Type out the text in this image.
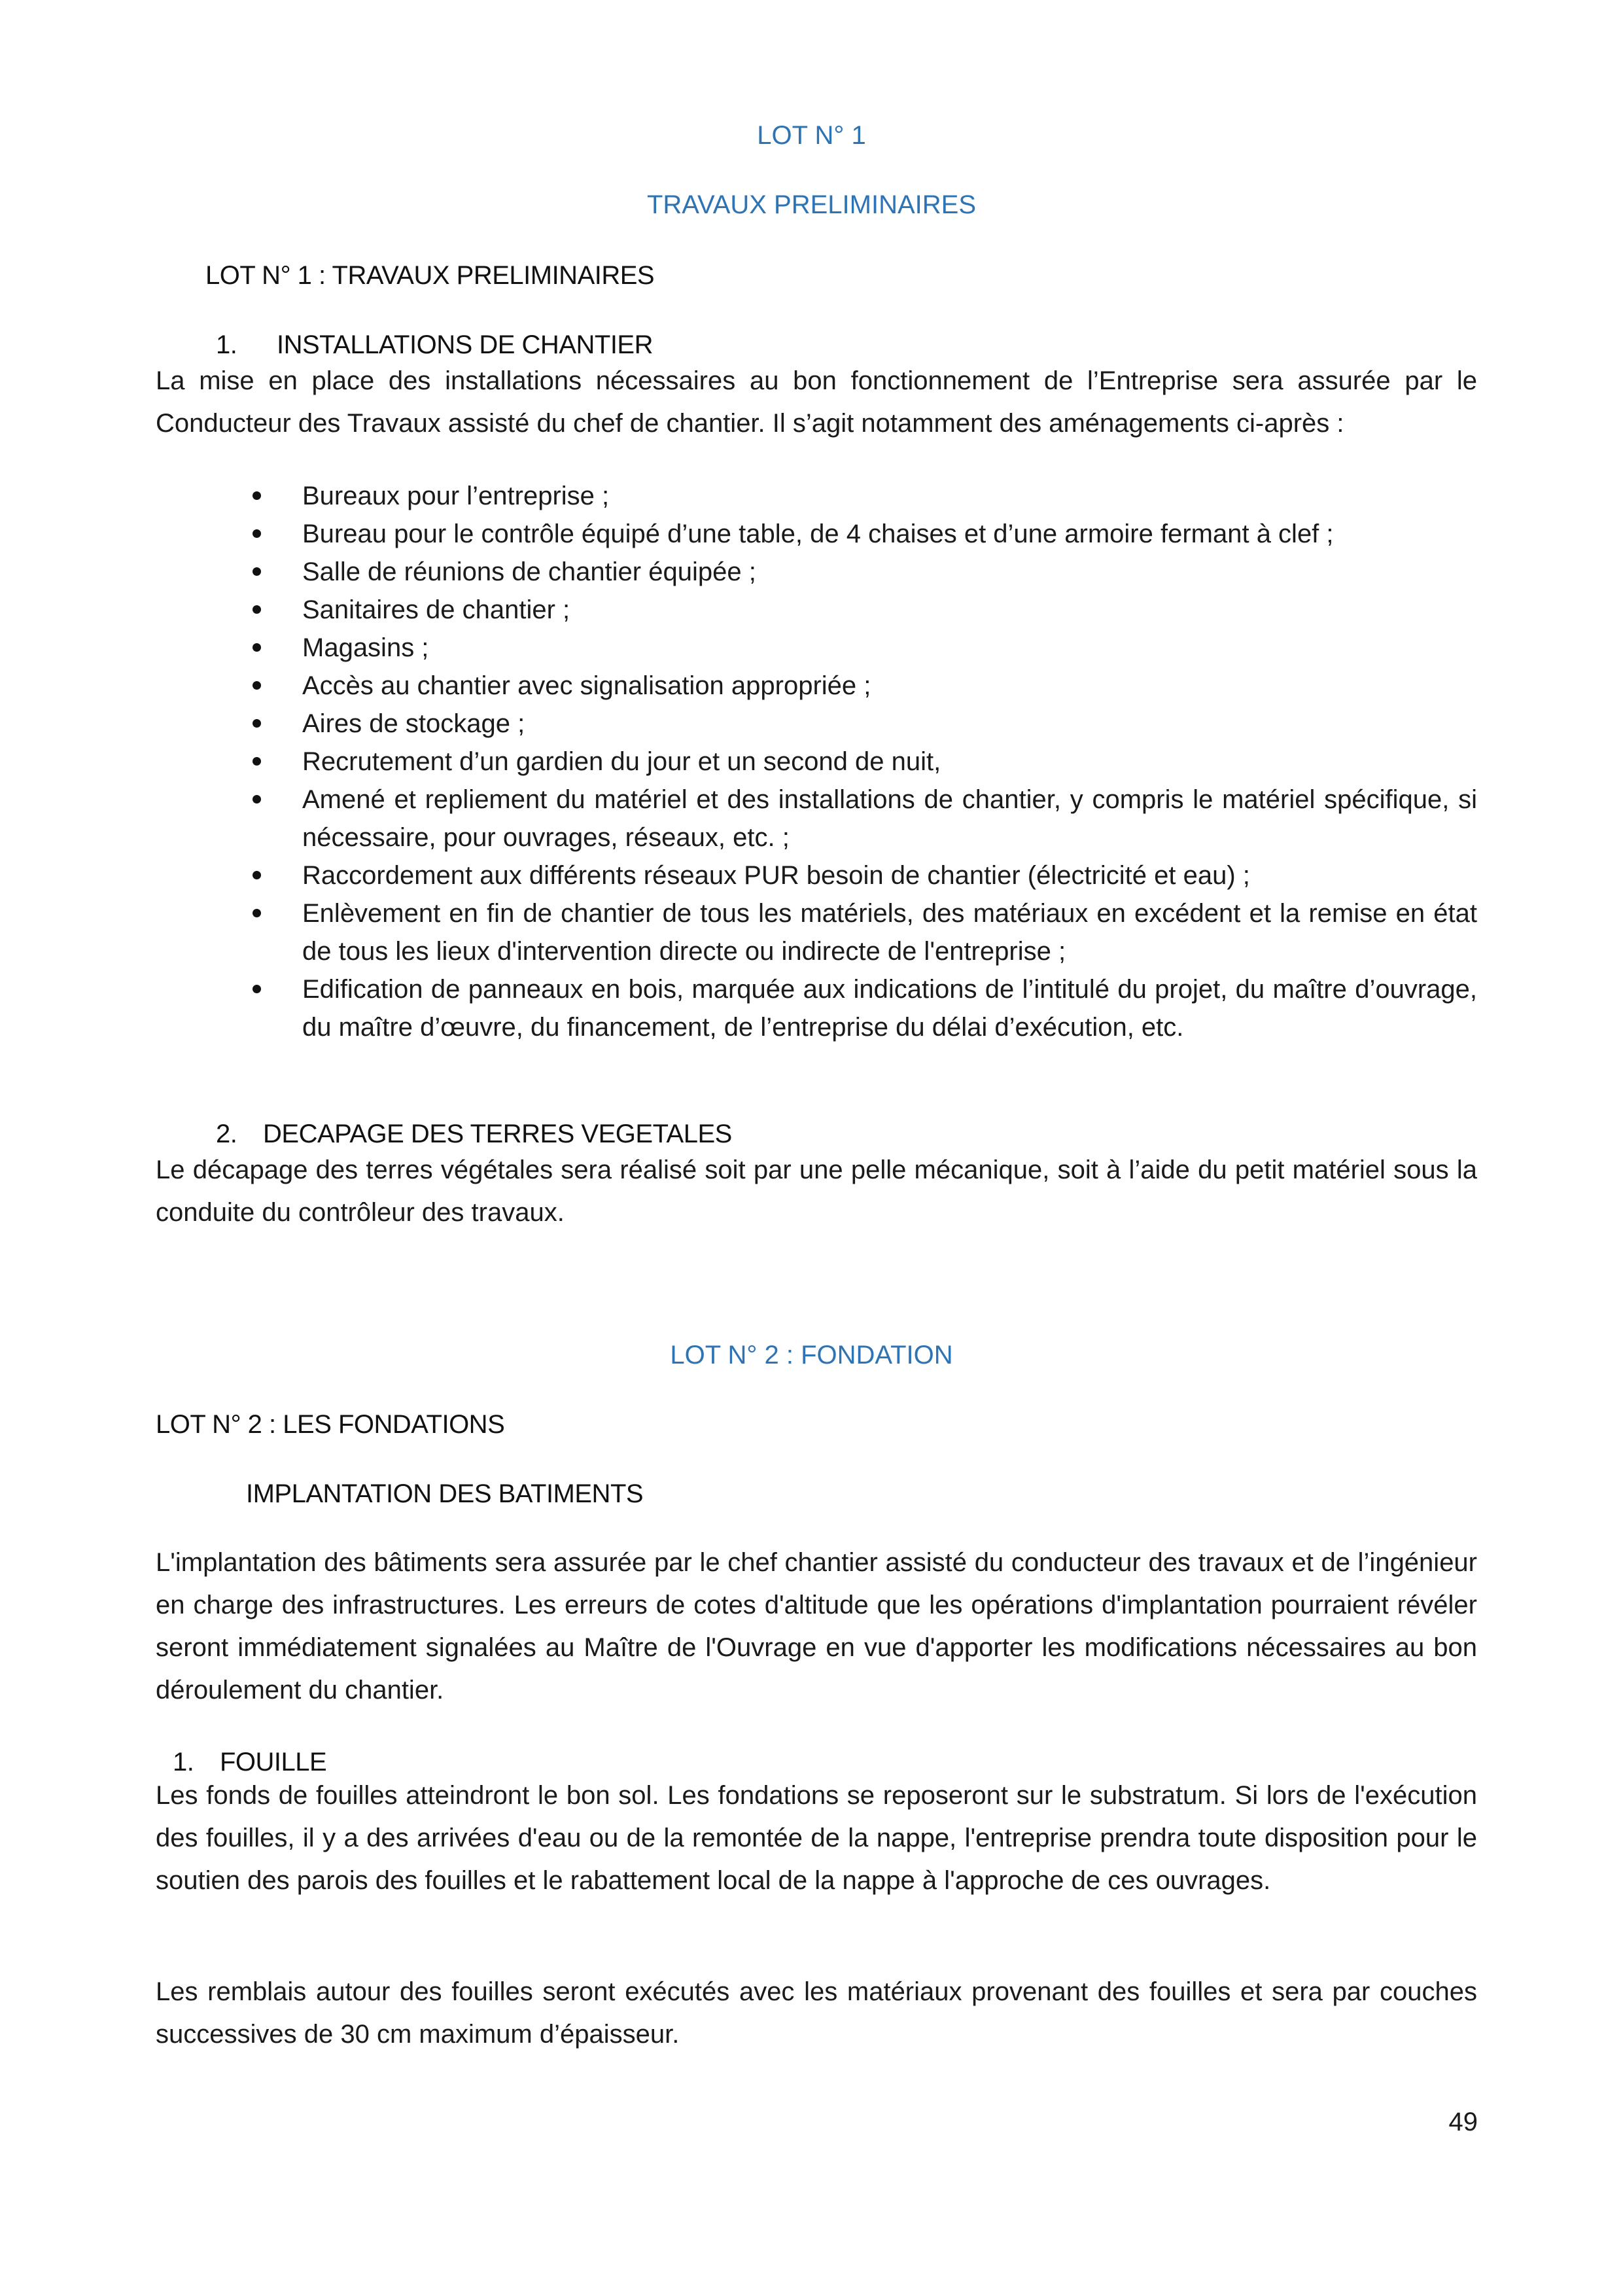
LOT N° 1
TRAVAUX PRELIMINAIRES
LOT N° 1 : TRAVAUX PRELIMINAIRES
1. INSTALLATIONS DE CHANTIER

La mise en place des installations nécessaires au bon fonctionnement de l’Entreprise sera assurée par le Conducteur des Travaux assisté du chef de chantier. Il s’agit notamment des aménagements ci-après :

Bureaux pour l’entreprise ;
Bureau pour le contrôle équipé d’une table, de 4 chaises et d’une armoire fermant à clef ;
Salle de réunions de chantier équipée ;
Sanitaires de chantier ;
Magasins ;
Accès au chantier avec signalisation appropriée ;
Aires de stockage ;
Recrutement d’un gardien du jour et un second de nuit,
Amené et repliement du matériel et des installations de chantier, y compris le matériel spécifique, si nécessaire, pour ouvrages, réseaux, etc. ;
Raccordement aux différents réseaux PUR besoin de chantier (électricité et eau) ;
Enlèvement en fin de chantier de tous les matériels, des matériaux en excédent et la remise en état de tous les lieux d'intervention directe ou indirecte de l'entreprise ;
Edification de panneaux en bois, marquée aux indications de l’intitulé du projet, du maître d’ouvrage, du maître d’œuvre, du financement, de l’entreprise du délai d’exécution, etc.
2. DECAPAGE DES TERRES VEGETALES

Le décapage des terres végétales sera réalisé soit par une pelle mécanique, soit à l’aide du petit matériel sous la conduite du contrôleur des travaux.

LOT N° 2 : FONDATION
LOT N° 2 : LES FONDATIONS
IMPLANTATION DES BATIMENTS

L'implantation des bâtiments sera assurée par le chef chantier assisté du conducteur des travaux et de l’ingénieur en charge des infrastructures. Les erreurs de cotes d'altitude que les opérations d'implantation pourraient révéler seront immédiatement signalées au Maître de l'Ouvrage en vue d'apporter les modifications nécessaires au bon déroulement du chantier.

1. FOUILLE

Les fonds de fouilles atteindront le bon sol. Les fondations se reposeront sur le substratum. Si lors de l'exécution des fouilles, il y a des arrivées d'eau ou de la remontée de la nappe, l'entreprise prendra toute disposition pour le soutien des parois des fouilles et le rabattement local de la nappe à l'approche de ces ouvrages.

Les remblais autour des fouilles seront exécutés avec les matériaux provenant des fouilles et sera par couches successives de 30 cm maximum d’épaisseur.

49
